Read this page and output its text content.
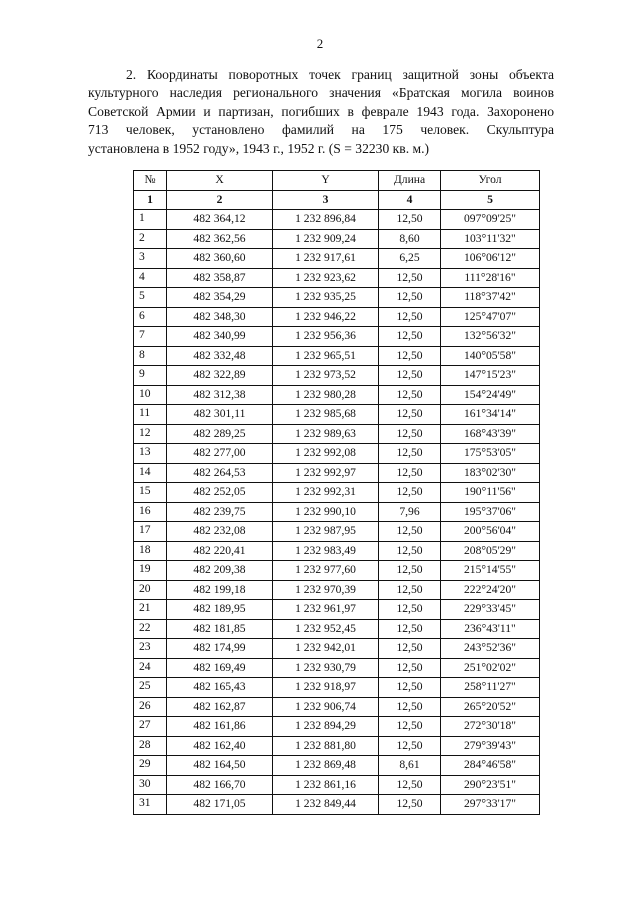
2
2. Координаты поворотных точек границ защитной зоны объекта
культурного наследия регионального значения «Братская могила воинов
Советской Армии и партизан, погибших в феврале 1943 года. Захоронено
713 человек, установлено фамилий на 175 человек. Скульптура
установлена в 1952 году», 1943 г., 1952 г. (S = 32230 кв. м.)
№	X	Y	Длина	Угол
1	2	3	4	5
1	482 364,12	1 232 896,84	12,50	097°09'25"
2	482 362,56	1 232 909,24	8,60	103°11'32"
3	482 360,60	1 232 917,61	6,25	106°06'12"
4	482 358,87	1 232 923,62	12,50	111°28'16"
5	482 354,29	1 232 935,25	12,50	118°37'42"
6	482 348,30	1 232 946,22	12,50	125°47'07"
7	482 340,99	1 232 956,36	12,50	132°56'32"
8	482 332,48	1 232 965,51	12,50	140°05'58"
9	482 322,89	1 232 973,52	12,50	147°15'23"
10	482 312,38	1 232 980,28	12,50	154°24'49"
11	482 301,11	1 232 985,68	12,50	161°34'14"
12	482 289,25	1 232 989,63	12,50	168°43'39"
13	482 277,00	1 232 992,08	12,50	175°53'05"
14	482 264,53	1 232 992,97	12,50	183°02'30"
15	482 252,05	1 232 992,31	12,50	190°11'56"
16	482 239,75	1 232 990,10	7,96	195°37'06"
17	482 232,08	1 232 987,95	12,50	200°56'04"
18	482 220,41	1 232 983,49	12,50	208°05'29"
19	482 209,38	1 232 977,60	12,50	215°14'55"
20	482 199,18	1 232 970,39	12,50	222°24'20"
21	482 189,95	1 232 961,97	12,50	229°33'45"
22	482 181,85	1 232 952,45	12,50	236°43'11"
23	482 174,99	1 232 942,01	12,50	243°52'36"
24	482 169,49	1 232 930,79	12,50	251°02'02"
25	482 165,43	1 232 918,97	12,50	258°11'27"
26	482 162,87	1 232 906,74	12,50	265°20'52"
27	482 161,86	1 232 894,29	12,50	272°30'18"
28	482 162,40	1 232 881,80	12,50	279°39'43"
29	482 164,50	1 232 869,48	8,61	284°46'58"
30	482 166,70	1 232 861,16	12,50	290°23'51"
31	482 171,05	1 232 849,44	12,50	297°33'17"
